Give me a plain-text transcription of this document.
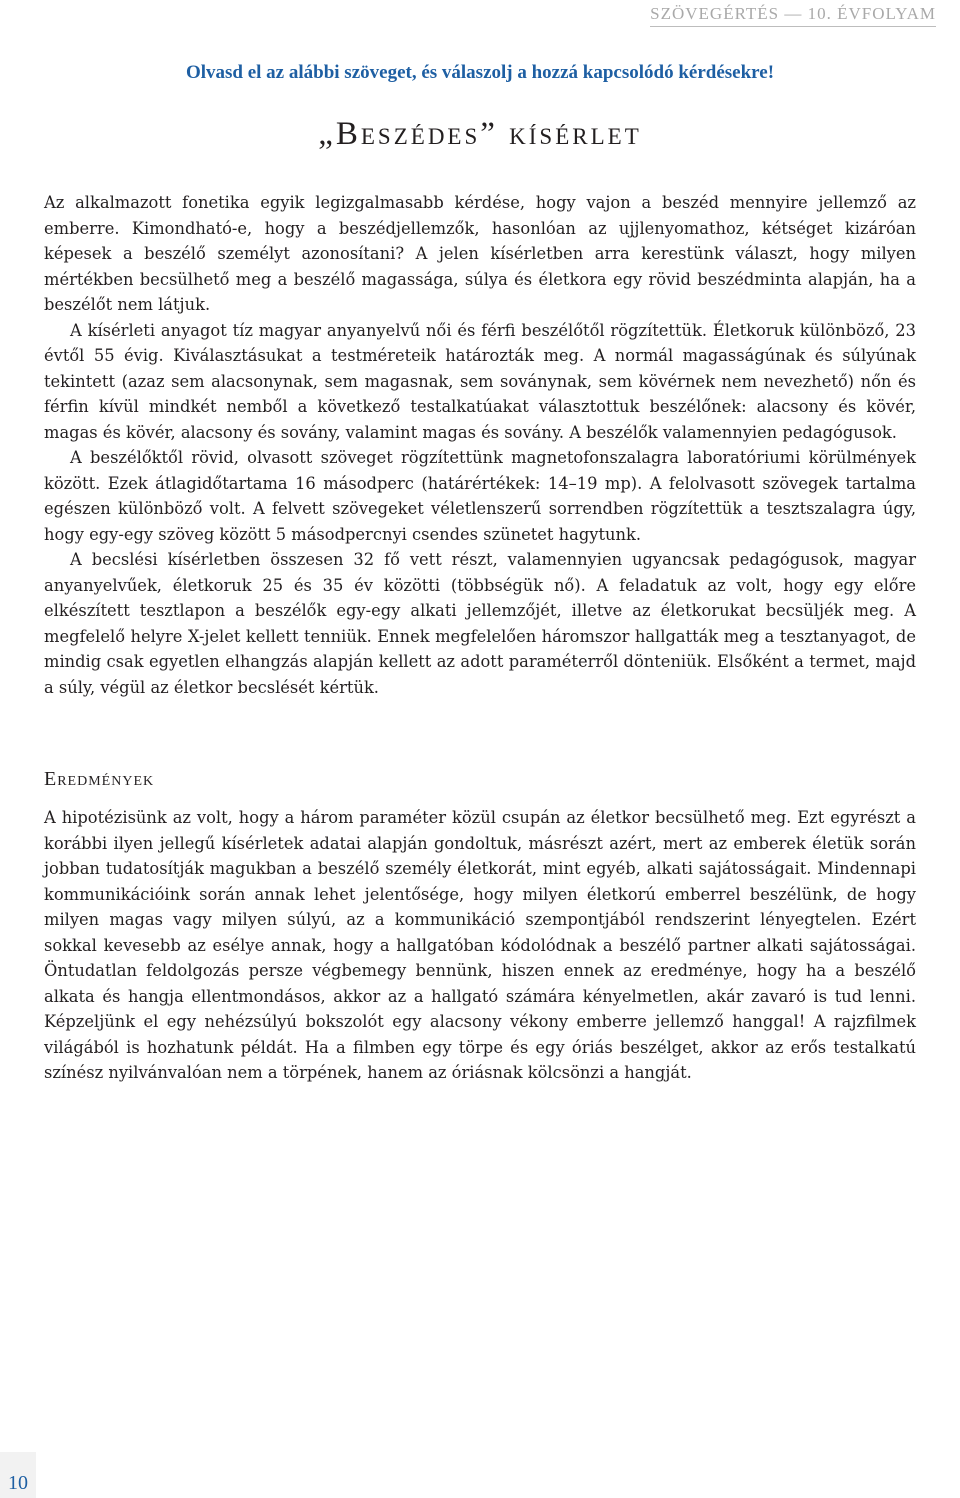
SZÖVEGÉRTÉS — 10. ÉVFOLYAM
Olvasd el az alábbi szöveget, és válaszolj a hozzá kapcsolódó kérdésekre!
„Beszédes” kísérlet

Az alkalmazott fonetika egyik legizgalmasabb kérdése, hogy vajon a beszéd mennyire jellemző az emberre. Kimondható-e, hogy a beszédjellemzők, hasonlóan az ujjlenyomathoz, kétséget kizáróan képesek a beszélő személyt azonosítani? A jelen kísérletben arra kerestünk választ, hogy milyen mértékben becsülhető meg a beszélő magassága, súlya és életkora egy rövid beszédminta alapján, ha a beszélőt nem látjuk.

A kísérleti anyagot tíz magyar anyanyelvű női és férfi beszélőtől rögzítettük. Életkoruk különböző, 23 évtől 55 évig. Kiválasztásukat a testméreteik határozták meg. A normál magasságúnak és súlyúnak tekintett (azaz sem alacsonynak, sem magasnak, sem soványnak, sem kövérnek nem nevezhető) nőn és férfin kívül mindkét nemből a következő testalkatúakat választottuk beszélőnek: alacsony és kövér, magas és kövér, alacsony és sovány, valamint magas és sovány. A beszélők valamennyien pedagógusok.

A beszélőktől rövid, olvasott szöveget rögzítettünk magnetofonszalagra laboratóriumi körülmények között. Ezek átlagidőtartama 16 másodperc (határértékek: 14–19 mp). A felolvasott szövegek tartalma egészen különböző volt. A felvett szövegeket véletlenszerű sorrendben rögzítettük a tesztszalagra úgy, hogy egy-egy szöveg között 5 másodpercnyi csendes szünetet hagytunk.

A becslési kísérletben összesen 32 fő vett részt, valamennyien ugyancsak pedagógusok, magyar anyanyelvűek, életkoruk 25 és 35 év közötti (többségük nő). A feladatuk az volt, hogy egy előre elkészített tesztlapon a beszélők egy-egy alkati jellemzőjét, illetve az életkorukat becsüljék meg. A megfelelő helyre X-jelet kellett tenniük. Ennek megfelelően háromszor hallgatták meg a tesztanyagot, de mindig csak egyetlen elhangzás alapján kellett az adott paraméterről dönteniük. Elsőként a termet, majd a súly, végül az életkor becslését kértük.

Eredmények

A hipotézisünk az volt, hogy a három paraméter közül csupán az életkor becsülhető meg. Ezt egyrészt a korábbi ilyen jellegű kísérletek adatai alapján gondoltuk, másrészt azért, mert az emberek életük során jobban tudatosítják magukban a beszélő személy életkorát, mint egyéb, alkati sajátosságait. Mindennapi kommunikációink során annak lehet jelentősége, hogy milyen életkorú emberrel beszélünk, de hogy milyen magas vagy milyen súlyú, az a kommunikáció szempontjából rendszerint lényegtelen. Ezért sokkal kevesebb az esélye annak, hogy a hallgatóban kódolódnak a beszélő partner alkati sajátosságai. Öntudatlan feldolgozás persze végbemegy bennünk, hiszen ennek az eredménye, hogy ha a beszélő alkata és hangja ellentmondásos, akkor az a hallgató számára kényelmetlen, akár zavaró is tud lenni. Képzeljünk el egy nehézsúlyú bokszolót egy alacsony vékony emberre jellemző hanggal! A rajzfilmek világából is hozhatunk példát. Ha a filmben egy törpe és egy óriás beszélget, akkor az erős testalkatú színész nyilvánvalóan nem a törpének, hanem az óriásnak kölcsönzi a hangját.

10
